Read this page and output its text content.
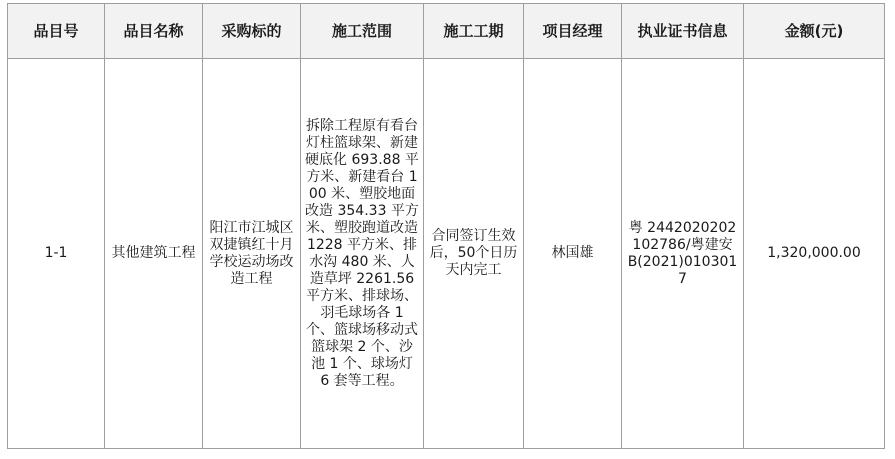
品目号	品目名称	采购标的	施工范围	施工工期	项目经理	执业证书信息	金额(元)
1-1	其他建筑工程	阳江市江城区双捷镇红十月学校运动场改造工程	拆除工程原有看台灯柱篮球架、新建硬底化 693.88 平方米、新建看台 100 米、塑胶地面改造 354.33 平方米、塑胶跑道改造 1228 平方米、排水沟 480 米、人造草坪 2261.56平方米、排球场、羽毛球场各 1 个、篮球场移动式篮球架 2 个、沙池 1 个、球场灯 6 套等工程。	合同签订生效后，50个日历天内完工	林国雄	粤 2442020202102786/粤建安 B(2021)0103017	1,320,000.00
